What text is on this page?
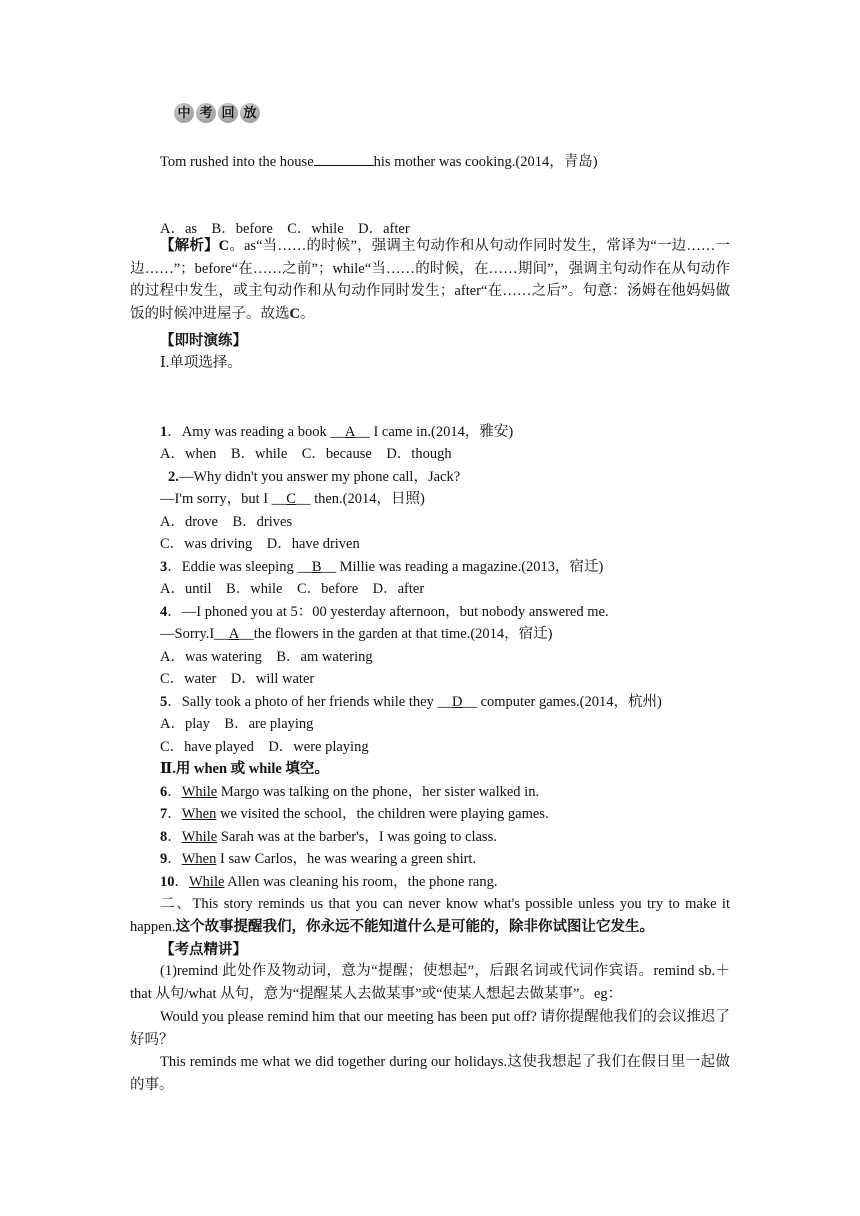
中 考 回 放
Tom rushed into the house	his mother was cooking.(2014，青岛)
A．as　B．before　C．while　D．after
【解析】C。as“当……的时候”，强调主句动作和从句动作同时发生，常译为“一边……一边……”；before“在……之前”；while“当……的时候，在……期间”，强调主句动作在从句动作的过程中发生，或主句动作和从句动作同时发生；after“在……之后”。句意：汤姆在他妈妈做饭的时候冲进屋子。故选C。
【即时演练】
Ⅰ.单项选择。
1．Amy was reading a book __A__ I came in.(2014，雅安)
A．when　B．while　C．because　D．though
2.—Why didn't you answer my phone call，Jack?
—I'm sorry，but I __C__ then.(2014，日照)
A．drove　B．drives
C．was driving　D．have driven
3．Eddie was sleeping __B__ Millie was reading a magazine.(2013，宿迁)
A．until　B．while　C．before　D．after
4．—I phoned you at 5：00 yesterday afternoon，but nobody answered me.
—Sorry.I__A__the flowers in the garden at that time.(2014，宿迁)
A．was watering　B．am watering
C．water　D．will water
5．Sally took a photo of her friends while they __D__ computer games.(2014，杭州)
A．play　B．are playing
C．have played　D．were playing
Ⅱ.用 when 或 while 填空。
6．While Margo was talking on the phone，her sister walked in.
7．When we visited the school，the children were playing games.
8．While Sarah was at the barber's，I was going to class.
9．When I saw Carlos，he was wearing a green shirt.
10．While Allen was cleaning his room，the phone rang.
二、This story reminds us that you can never know what's possible unless you try to make it happen.这个故事提醒我们，你永远不能知道什么是可能的，除非你试图让它发生。
【考点精讲】
(1)remind 此处作及物动词，意为“提醒；使想起”，后跟名词或代词作宾语。remind sb.＋that 从句/what 从句，意为“提醒某人去做某事”或“使某人想起去做某事”。eg：
Would you please remind him that our meeting has been put off? 请你提醒他我们的会议推迟了好吗？
This reminds me what we did together during our holidays.这使我想起了我们在假日里一起做的事。
